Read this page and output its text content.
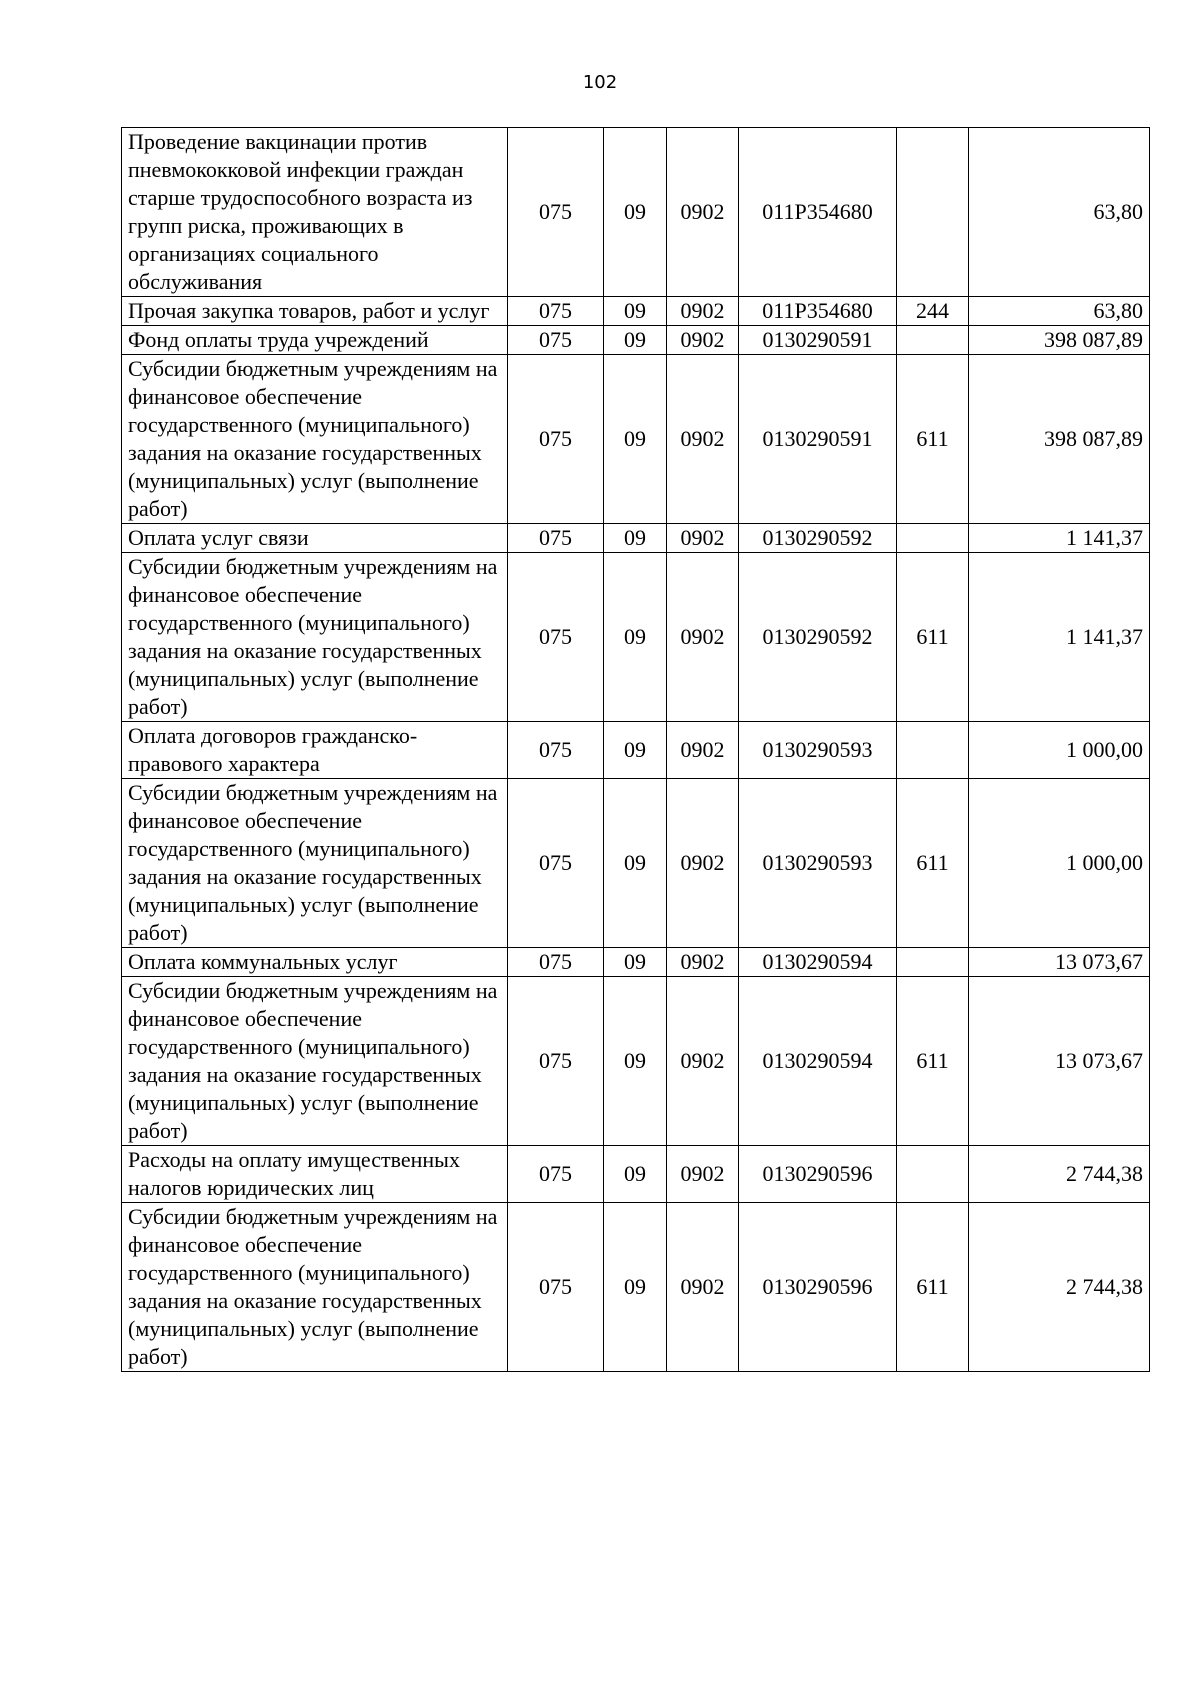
102
Проведение вакцинации против пневмококковой инфекции граждан старше трудоспособного возраста из групп риска, проживающих в организациях социального обслуживания	075	09	0902	011P354680		63,80
Прочая закупка товаров, работ и услуг	075	09	0902	011P354680	244	63,80
Фонд оплаты труда учреждений	075	09	0902	0130290591		398 087,89
Субсидии бюджетным учреждениям на финансовое обеспечение государственного (муниципального) задания на оказание государственных (муниципальных) услуг (выполнение работ)	075	09	0902	0130290591	611	398 087,89
Оплата услуг связи	075	09	0902	0130290592		1 141,37
Субсидии бюджетным учреждениям на финансовое обеспечение государственного (муниципального) задания на оказание государственных (муниципальных) услуг (выполнение работ)	075	09	0902	0130290592	611	1 141,37
Оплата договоров гражданско-правового характера	075	09	0902	0130290593		1 000,00
Субсидии бюджетным учреждениям на финансовое обеспечение государственного (муниципального) задания на оказание государственных (муниципальных) услуг (выполнение работ)	075	09	0902	0130290593	611	1 000,00
Оплата коммунальных услуг	075	09	0902	0130290594		13 073,67
Субсидии бюджетным учреждениям на финансовое обеспечение государственного (муниципального) задания на оказание государственных (муниципальных) услуг (выполнение работ)	075	09	0902	0130290594	611	13 073,67
Расходы на оплату имущественных налогов юридических лиц	075	09	0902	0130290596		2 744,38
Субсидии бюджетным учреждениям на финансовое обеспечение государственного (муниципального) задания на оказание государственных (муниципальных) услуг (выполнение работ)	075	09	0902	0130290596	611	2 744,38
